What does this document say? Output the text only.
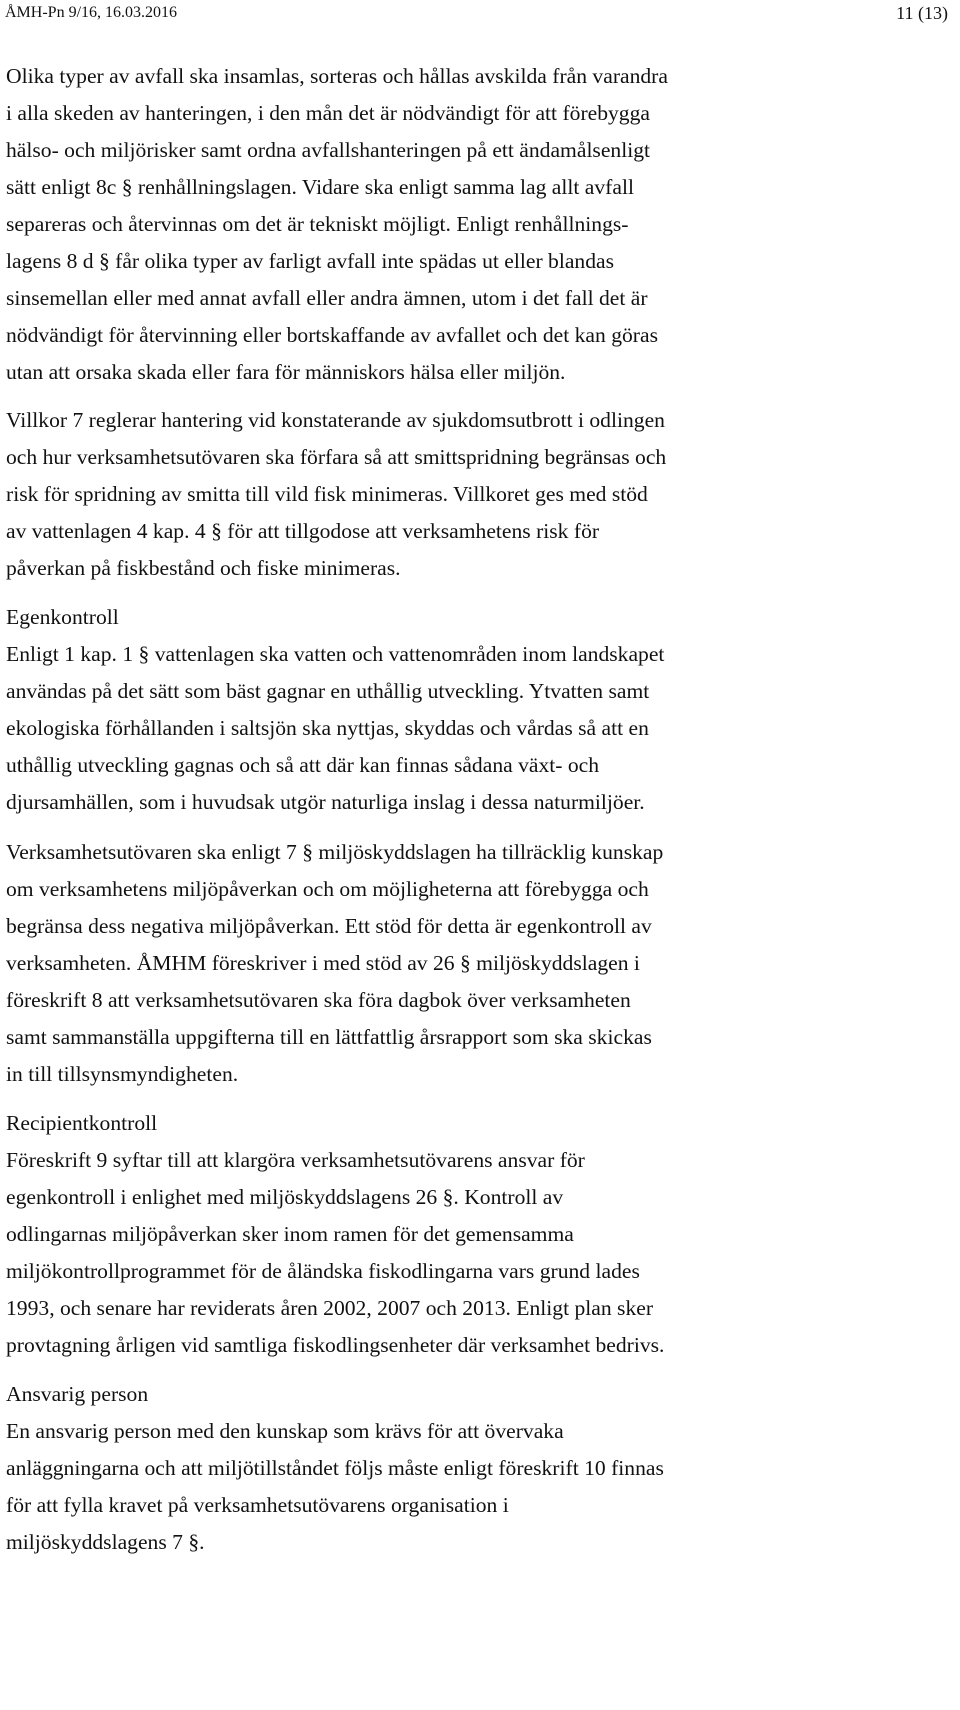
ÅMH-Pn 9/16, 16.03.2016	11 (13)
Olika typer av avfall ska insamlas, sorteras och hållas avskilda från varandra
i alla skeden av hanteringen, i den mån det är nödvändigt för att förebygga
hälso- och miljörisker samt ordna avfallshanteringen på ett ändamålsenligt
sätt enligt 8c § renhållningslagen. Vidare ska enligt samma lag allt avfall
separeras och återvinnas om det är tekniskt möjligt. Enligt renhållnings-
lagens 8 d § får olika typer av farligt avfall inte spädas ut eller blandas
sinsemellan eller med annat avfall eller andra ämnen, utom i det fall det är
nödvändigt för återvinning eller bortskaffande av avfallet och det kan göras
utan att orsaka skada eller fara för människors hälsa eller miljön.
Villkor 7 reglerar hantering vid konstaterande av sjukdomsutbrott i odlingen
och hur verksamhetsutövaren ska förfara så att smittspridning begränsas och
risk för spridning av smitta till vild fisk minimeras. Villkoret ges med stöd
av vattenlagen 4 kap. 4 § för att tillgodose att verksamhetens risk för
påverkan på fiskbestånd och fiske minimeras.
Egenkontroll
Enligt 1 kap. 1 § vattenlagen ska vatten och vattenområden inom landskapet
användas på det sätt som bäst gagnar en uthållig utveckling. Ytvatten samt
ekologiska förhållanden i saltsjön ska nyttjas, skyddas och vårdas så att en
uthållig utveckling gagnas och så att där kan finnas sådana växt- och
djursamhällen, som i huvudsak utgör naturliga inslag i dessa naturmiljöer.
Verksamhetsutövaren ska enligt 7 § miljöskyddslagen ha tillräcklig kunskap
om verksamhetens miljöpåverkan och om möjligheterna att förebygga och
begränsa dess negativa miljöpåverkan. Ett stöd för detta är egenkontroll av
verksamheten. ÅMHM föreskriver i med stöd av 26 § miljöskyddslagen i
föreskrift 8 att verksamhetsutövaren ska föra dagbok över verksamheten
samt sammanställa uppgifterna till en lättfattlig årsrapport som ska skickas
in till tillsynsmyndigheten.
Recipientkontroll
Föreskrift 9 syftar till att klargöra verksamhetsutövarens ansvar för
egenkontroll i enlighet med miljöskyddslagens 26 §. Kontroll av
odlingarnas miljöpåverkan sker inom ramen för det gemensamma
miljökontrollprogrammet för de åländska fiskodlingarna vars grund lades
1993, och senare har reviderats åren 2002, 2007 och 2013. Enligt plan sker
provtagning årligen vid samtliga fiskodlingsenheter där verksamhet bedrivs.
Ansvarig person
En ansvarig person med den kunskap som krävs för att övervaka
anläggningarna och att miljötillståndet följs måste enligt föreskrift 10 finnas
för att fylla kravet på verksamhetsutövarens organisation i
miljöskyddslagens 7 §.
